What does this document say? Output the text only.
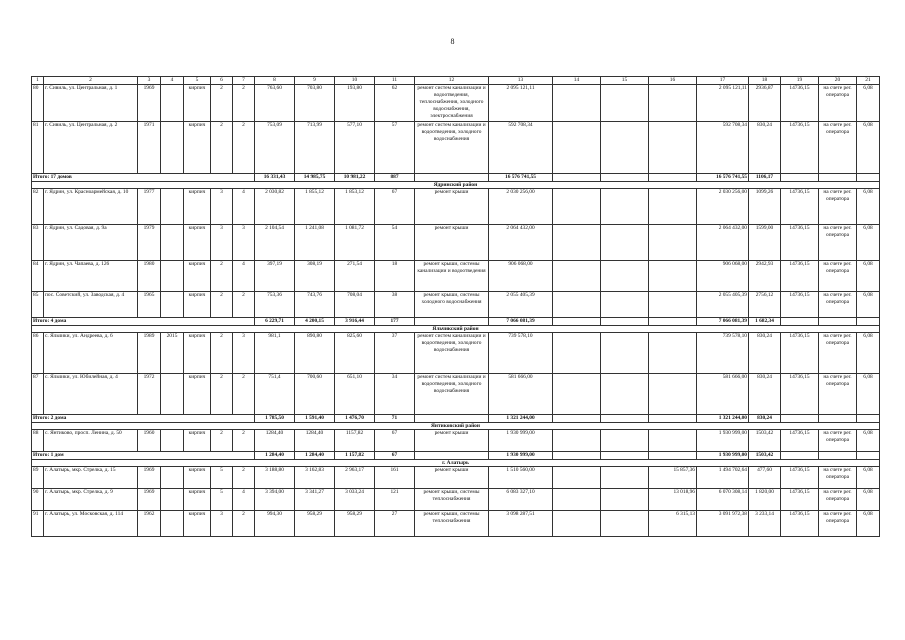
8
1	2	3	4	5	6	7	8	9	10	11	12	13	14	15	16	17	18	19	20	21
80	г. Сивиль, ул. Центральная, д. 1	1969		кирпич	2	2	763,60	703,80	193,80	62	ремонт систем канализации и водоотведения, теплоснабжения, холодного водоснабжения, электроснабжения	2 095 121,11				2 095 121,11	2936,87	14736,15	на счете рег. оператора	6,08
81	г. Сивиль, ул. Центральная, д. 2	1971		кирпич	2	2	753,09	713,99	577,10	57	ремонт систем канализации и водоотведения, холодного водоснабжения	592 708,34				592 708,34	830,24	14736,15	на счете рег. оператора	6,08
Итого: 17 домов							16 331,43	14 985,75	10 981,22	887		16 576 741,55				16 576 741,55	1106,17			
Ядринский район																				
82	г. Ядрин, ул. Красноармейская, д. 10	1977		кирпич	3	4	2 030,82	1 855,12	1 853,12	67	ремонт крыши	2 030 256,00				2 030 256,00	1099,26	14736,15	на счете рег. оператора	6,08
83	г. Ядрин, ул. Садовая, д. 9а	1979		кирпич	3	3	2 104,54	1 241,08	1 081,72	54	ремонт крыши	2 064 432,00				2 064 432,00	1599,00	14736,15	на счете рег. оператора	6,08
84	г. Ядрин, ул. Чапаева, д. 126	1980		кирпич	2	4	397,19	308,19	271,54	18	ремонт крыши, системы канализации и водоотведения	906 068,00				906 068,00	2942,93	14736,15	на счете рег. оператора	6,08
85	пос. Советский, ул. Заводская, д. 4	1965		кирпич	2	2	753,36	743,76	708,04	38	ремонт крыши, системы холодного водоснабжения	2 055 405,39				2 055 405,39	2756,12	14736,15	на счете рег. оператора	6,08
Итого: 4 дома							6 229,71	4 200,15	3 916,44	177		7 066 081,39				7 066 081,39	1 682,34			
Яльчикский район																				
86	с. Яльчики, ул. Андреева, д. 6	1989	2015	кирпич	2	3	981,1	890,80	825,60	37	ремонт систем канализации и водоотведения, холодного водоснабжения	739 578,10				739 578,10	830,24	14736,15	на счете рег. оператора	6,08
87	с. Яльчики, ул. Юбилейная, д. 4	1972		кирпич	2	2	751,4	700,60	651,10	34	ремонт систем канализации и водоотведения, холодного водоснабжения	581 666,00				581 666,00	830,24	14736,15	на счете рег. оператора	6,08
Итого: 2 дома							1 785,50	1 591,40	1 476,70	71		1 321 244,00				1 321 244,00	830,24			
Янтиковский район																				
88	с. Янтиково, просп. Ленина, д. 50	1960		кирпич	2	2	1284,40	1284,40	1157,82	67	ремонт крыши	1 930 999,00				1 930 999,00	1503,42	14736,15	на счете рег. оператора	6,08
Итого: 1 дом							1 284,40	1 284,40	1 157,82	67		1 930 999,00				1 930 999,00	1503,42			
г. Алатырь																				
89	г. Алатырь, мкр. Стрелка, д. 15	1969		кирпич	5	2	3 188,80	3 162,83	2 963,17	161	ремонт крыши	1 510 560,00			15 857,36	1 494 702,64	477,60	14736,15	на счете рег. оператора	6,08
90	г. Алатырь, мкр. Стрелка, д. 9	1969		кирпич	5	4	3 394,00	3 341,27	3 033,24	121	ремонт крыши, системы теплоснабжения	6 083 327,10			13 018,96	6 070 308,14	1 820,00	14736,15	на счете рег. оператора	6,08
91	г. Алатырь, ул. Московская, д. 114	1962		кирпич	3	2	994,30	958,29	958,29	27	ремонт крыши, системы теплоснабжения	3 098 287,51			6 315,13	3 091 972,38	3 233,14	14736,15	на счете рег. оператора	6,08
